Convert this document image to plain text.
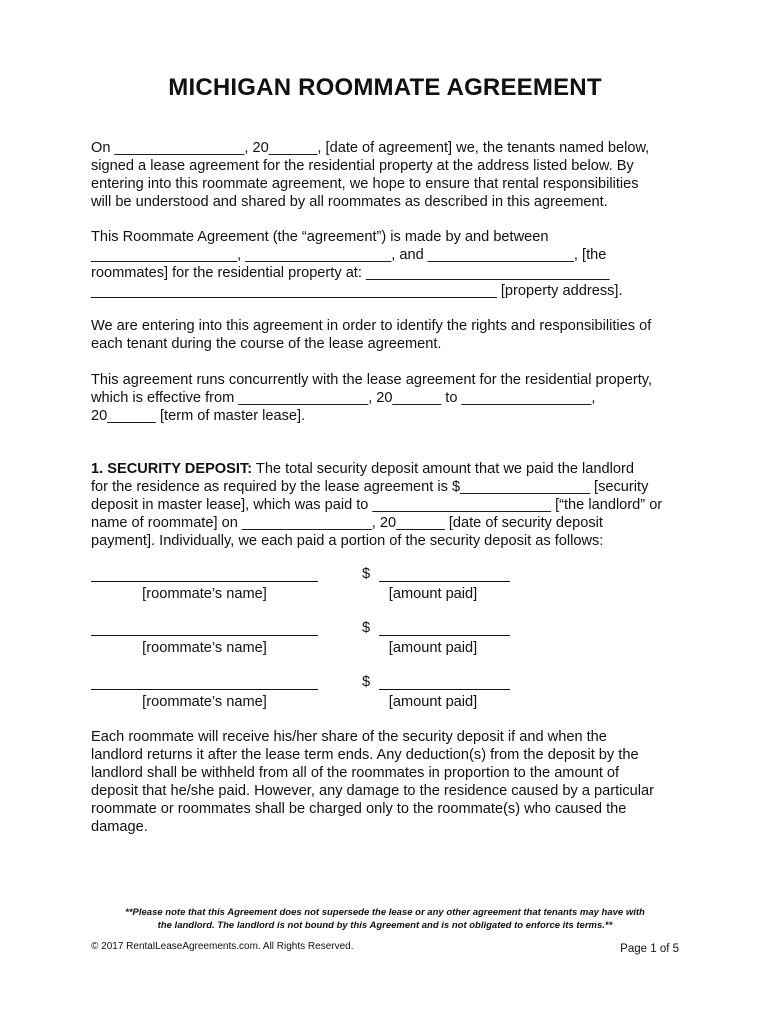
MICHIGAN ROOMMATE AGREEMENT

On ________________, 20______, [date of agreement] we, the tenants named below,
signed a lease agreement for the residential property at the address listed below. By
entering into this roommate agreement, we hope to ensure that rental responsibilities
will be understood and shared by all roommates as described in this agreement.

This Roommate Agreement (the “agreement”) is made by and between
__________________, __________________, and __________________, [the
roommates] for the residential property at: ______________________________
__________________________________________________ [property address].

We are entering into this agreement in order to identify the rights and responsibilities of
each tenant during the course of the lease agreement.

This agreement runs concurrently with the lease agreement for the residential property,
which is effective from ________________, 20______ to ________________,
20______ [term of master lease].

1. SECURITY DEPOSIT: The total security deposit amount that we paid the landlord
for the residence as required by the lease agreement is $________________ [security
deposit in master lease], which was paid to ______________________ [“the landlord” or
name of roommate] on ________________, 20______ [date of security deposit
payment]. Individually, we each paid a portion of the security deposit as follows:

[roommate’s name]
$
[amount paid]
[roommate’s name]
$
[amount paid]
[roommate’s name]
$
[amount paid]

Each roommate will receive his/her share of the security deposit if and when the
landlord returns it after the lease term ends. Any deduction(s) from the deposit by the
landlord shall be withheld from all of the roommates in proportion to the amount of
deposit that he/she paid. However, any damage to the residence caused by a particular
roommate or roommates shall be charged only to the roommate(s) who caused the
damage.

**Please note that this Agreement does not supersede the lease or any other agreement that tenants may have with
the landlord. The landlord is not bound by this Agreement and is not obligated to enforce its terms.**
© 2017 RentalLeaseAgreements.com. All Rights Reserved.	Page 1 of 5
